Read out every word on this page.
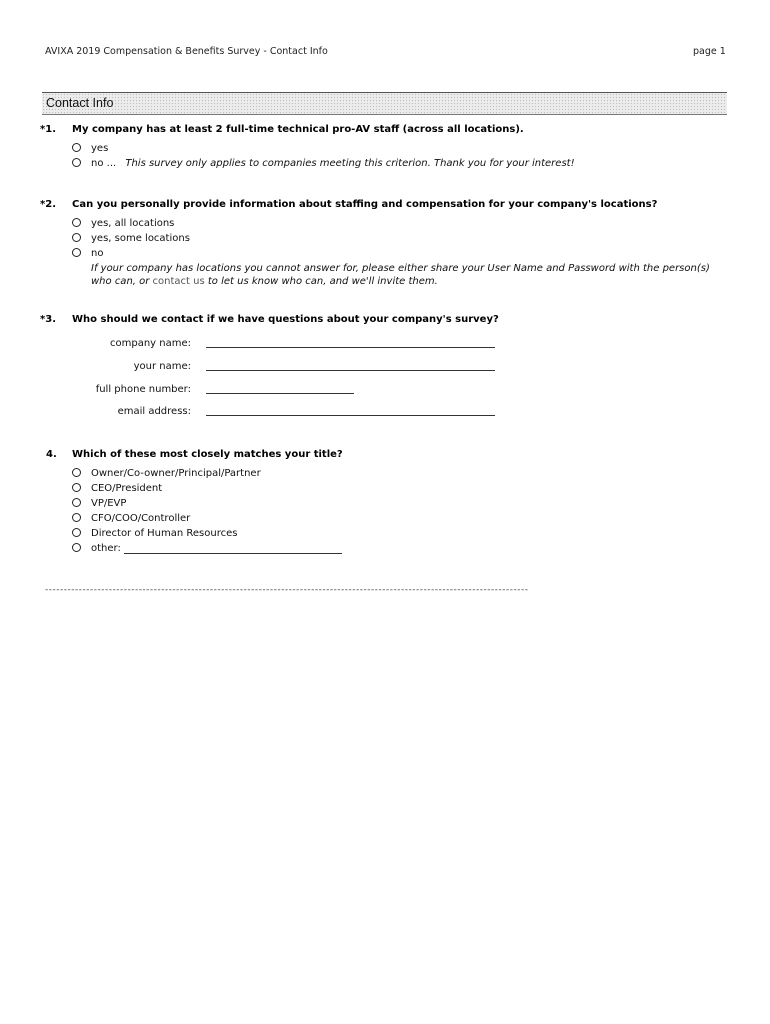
AVIXA 2019 Compensation & Benefits Survey - Contact Info	page 1
Contact Info
*1. My company has at least 2 full-time technical pro-AV staff (across all locations).
yes
no ... This survey only applies to companies meeting this criterion. Thank you for your interest!
*2. Can you personally provide information about staffing and compensation for your company's locations?
yes, all locations
yes, some locations
no
If your company has locations you cannot answer for, please either share your User Name and Password with the person(s)
who can, or contact us to let us know who can, and we'll invite them.
*3. Who should we contact if we have questions about your company's survey?
company name:
your name:
full phone number:
email address:
4. Which of these most closely matches your title?
Owner/Co-owner/Principal/Partner
CEO/President
VP/EVP
CFO/COO/Controller
Director of Human Resources
other:
---------------------------------------------------------------------------------------------------------------------------------
